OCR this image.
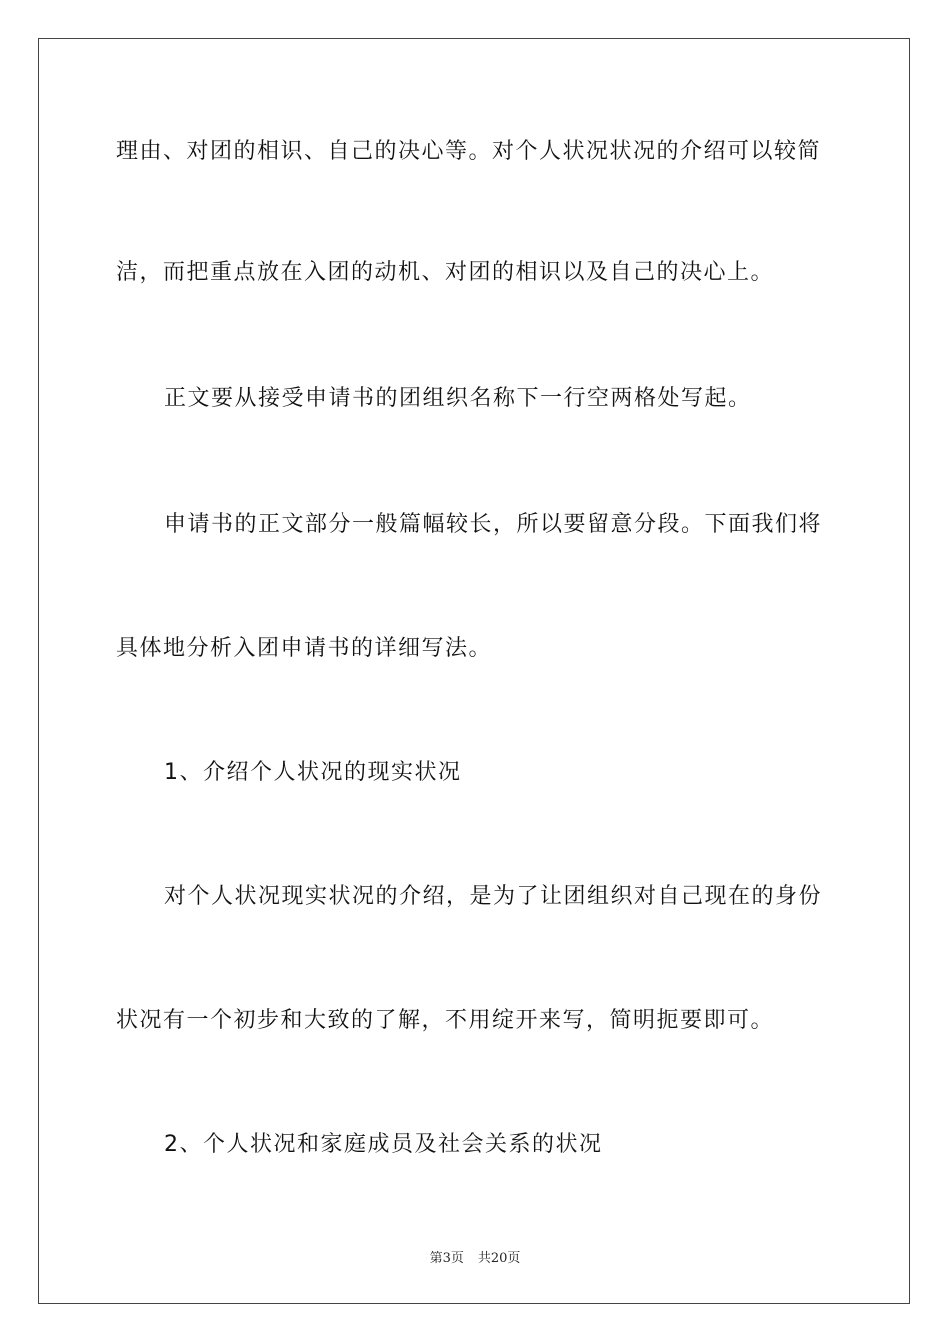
理由、对团的相识、自己的决心等。对个人状况状况的介绍可以较简
洁，而把重点放在入团的动机、对团的相识以及自己的决心上。
正文要从接受申请书的团组织名称下一行空两格处写起。
申请书的正文部分一般篇幅较长，所以要留意分段。下面我们将
具体地分析入团申请书的详细写法。
1、介绍个人状况的现实状况
对个人状况现实状况的介绍，是为了让团组织对自己现在的身份
状况有一个初步和大致的了解，不用绽开来写，简明扼要即可。
2、个人状况和家庭成员及社会关系的状况
第3页 共20页
